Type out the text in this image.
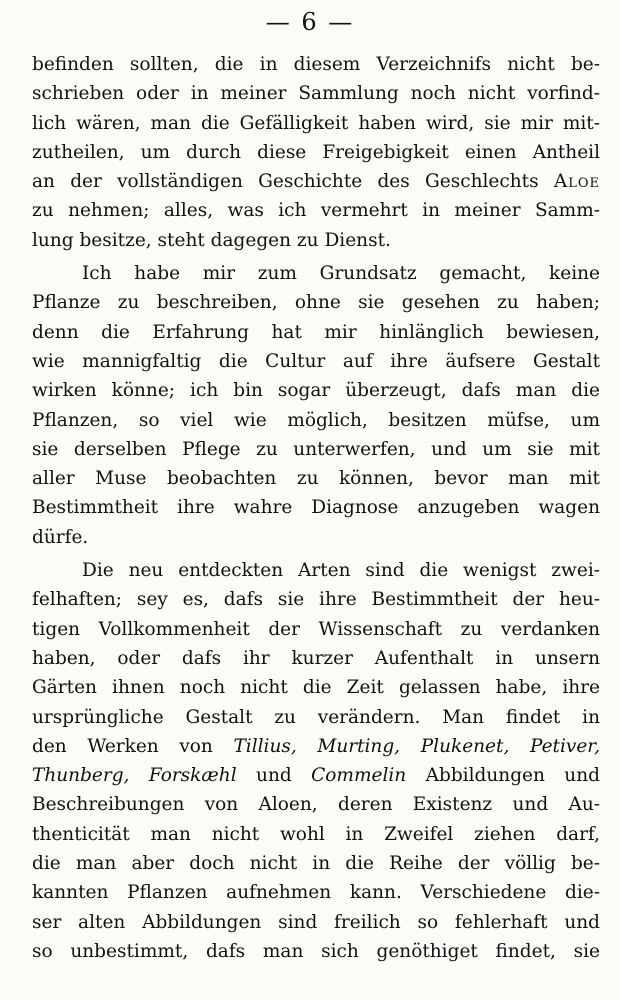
— 6 —
befinden sollten, die in diesem Verzeichnifs nicht be-
schrieben oder in meiner Sammlung noch nicht vorfind-
lich wären, man die Gefälligkeit haben wird, sie mir mit-
zutheilen, um durch diese Freigebigkeit einen Antheil
an der vollständigen Geschichte des Geschlechts Aloe
zu nehmen; alles, was ich vermehrt in meiner Samm-
lung besitze, steht dagegen zu Dienst.
Ich habe mir zum Grundsatz gemacht, keine
Pflanze zu beschreiben, ohne sie gesehen zu haben;
denn die Erfahrung hat mir hinlänglich bewiesen,
wie mannigfaltig die Cultur auf ihre äufsere Gestalt
wirken könne; ich bin sogar überzeugt, dafs man die
Pflanzen, so viel wie möglich, besitzen müfse, um
sie derselben Pflege zu unterwerfen, und um sie mit
aller Muse beobachten zu können, bevor man mit
Bestimmtheit ihre wahre Diagnose anzugeben wagen
dürfe.
Die neu entdeckten Arten sind die wenigst zwei-
felhaften; sey es, dafs sie ihre Bestimmtheit der heu-
tigen Vollkommenheit der Wissenschaft zu verdanken
haben, oder dafs ihr kurzer Aufenthalt in unsern
Gärten ihnen noch nicht die Zeit gelassen habe, ihre
ursprüngliche Gestalt zu verändern. Man findet in
den Werken von Tillius, Murting, Plukenet, Petiver,
Thunberg, Forskæhl und Commelin Abbildungen und
Beschreibungen von Aloen, deren Existenz und Au-
thenticität man nicht wohl in Zweifel ziehen darf,
die man aber doch nicht in die Reihe der völlig be-
kannten Pflanzen aufnehmen kann. Verschiedene die-
ser alten Abbildungen sind freilich so fehlerhaft und
so unbestimmt, dafs man sich genöthiget findet, sie
